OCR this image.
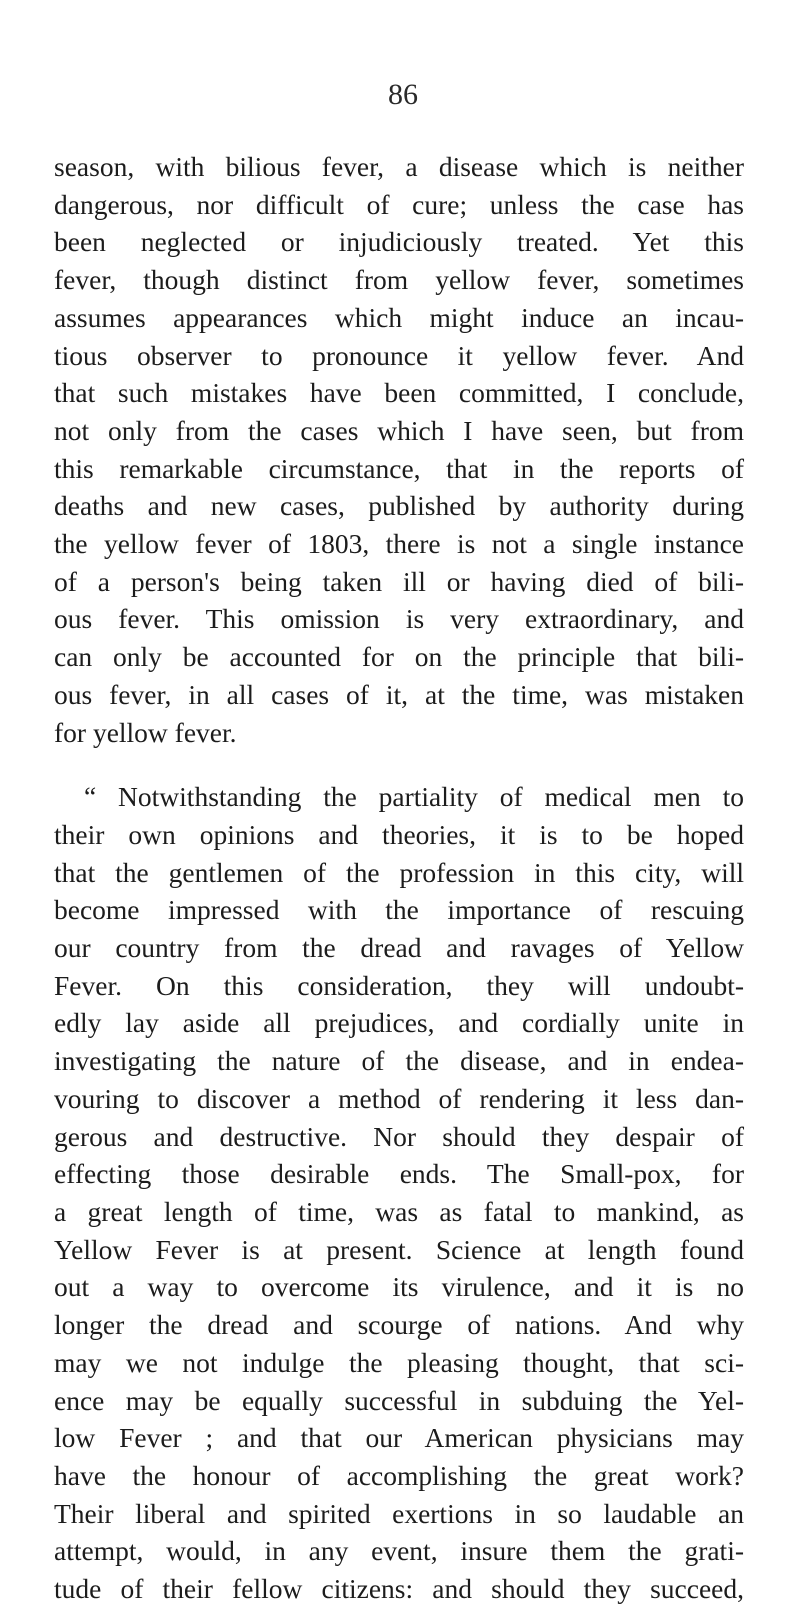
86
season, with bilious fever, a disease which is neither
dangerous, nor difficult of cure; unless the case has
been neglected or injudiciously treated. Yet this
fever, though distinct from yellow fever, sometimes
assumes appearances which might induce an incau-
tious observer to pronounce it yellow fever. And
that such mistakes have been committed, I conclude,
not only from the cases which I have seen, but from
this remarkable circumstance, that in the reports of
deaths and new cases, published by authority during
the yellow fever of 1803, there is not a single instance
of a person's being taken ill or having died of bili-
ous fever. This omission is very extraordinary, and
can only be accounted for on the principle that bili-
ous fever, in all cases of it, at the time, was mistaken
for yellow fever.
“ Notwithstanding the partiality of medical men to
their own opinions and theories, it is to be hoped
that the gentlemen of the profession in this city, will
become impressed with the importance of rescuing
our country from the dread and ravages of Yellow
Fever. On this consideration, they will undoubt-
edly lay aside all prejudices, and cordially unite in
investigating the nature of the disease, and in endea-
vouring to discover a method of rendering it less dan-
gerous and destructive. Nor should they despair of
effecting those desirable ends. The Small-pox, for
a great length of time, was as fatal to mankind, as
Yellow Fever is at present. Science at length found
out a way to overcome its virulence, and it is no
longer the dread and scourge of nations. And why
may we not indulge the pleasing thought, that sci-
ence may be equally successful in subduing the Yel-
low Fever ; and that our American physicians may
have the honour of accomplishing the great work?
Their liberal and spirited exertions in so laudable an
attempt, would, in any event, insure them the grati-
tude of their fellow citizens: and should they succeed,
